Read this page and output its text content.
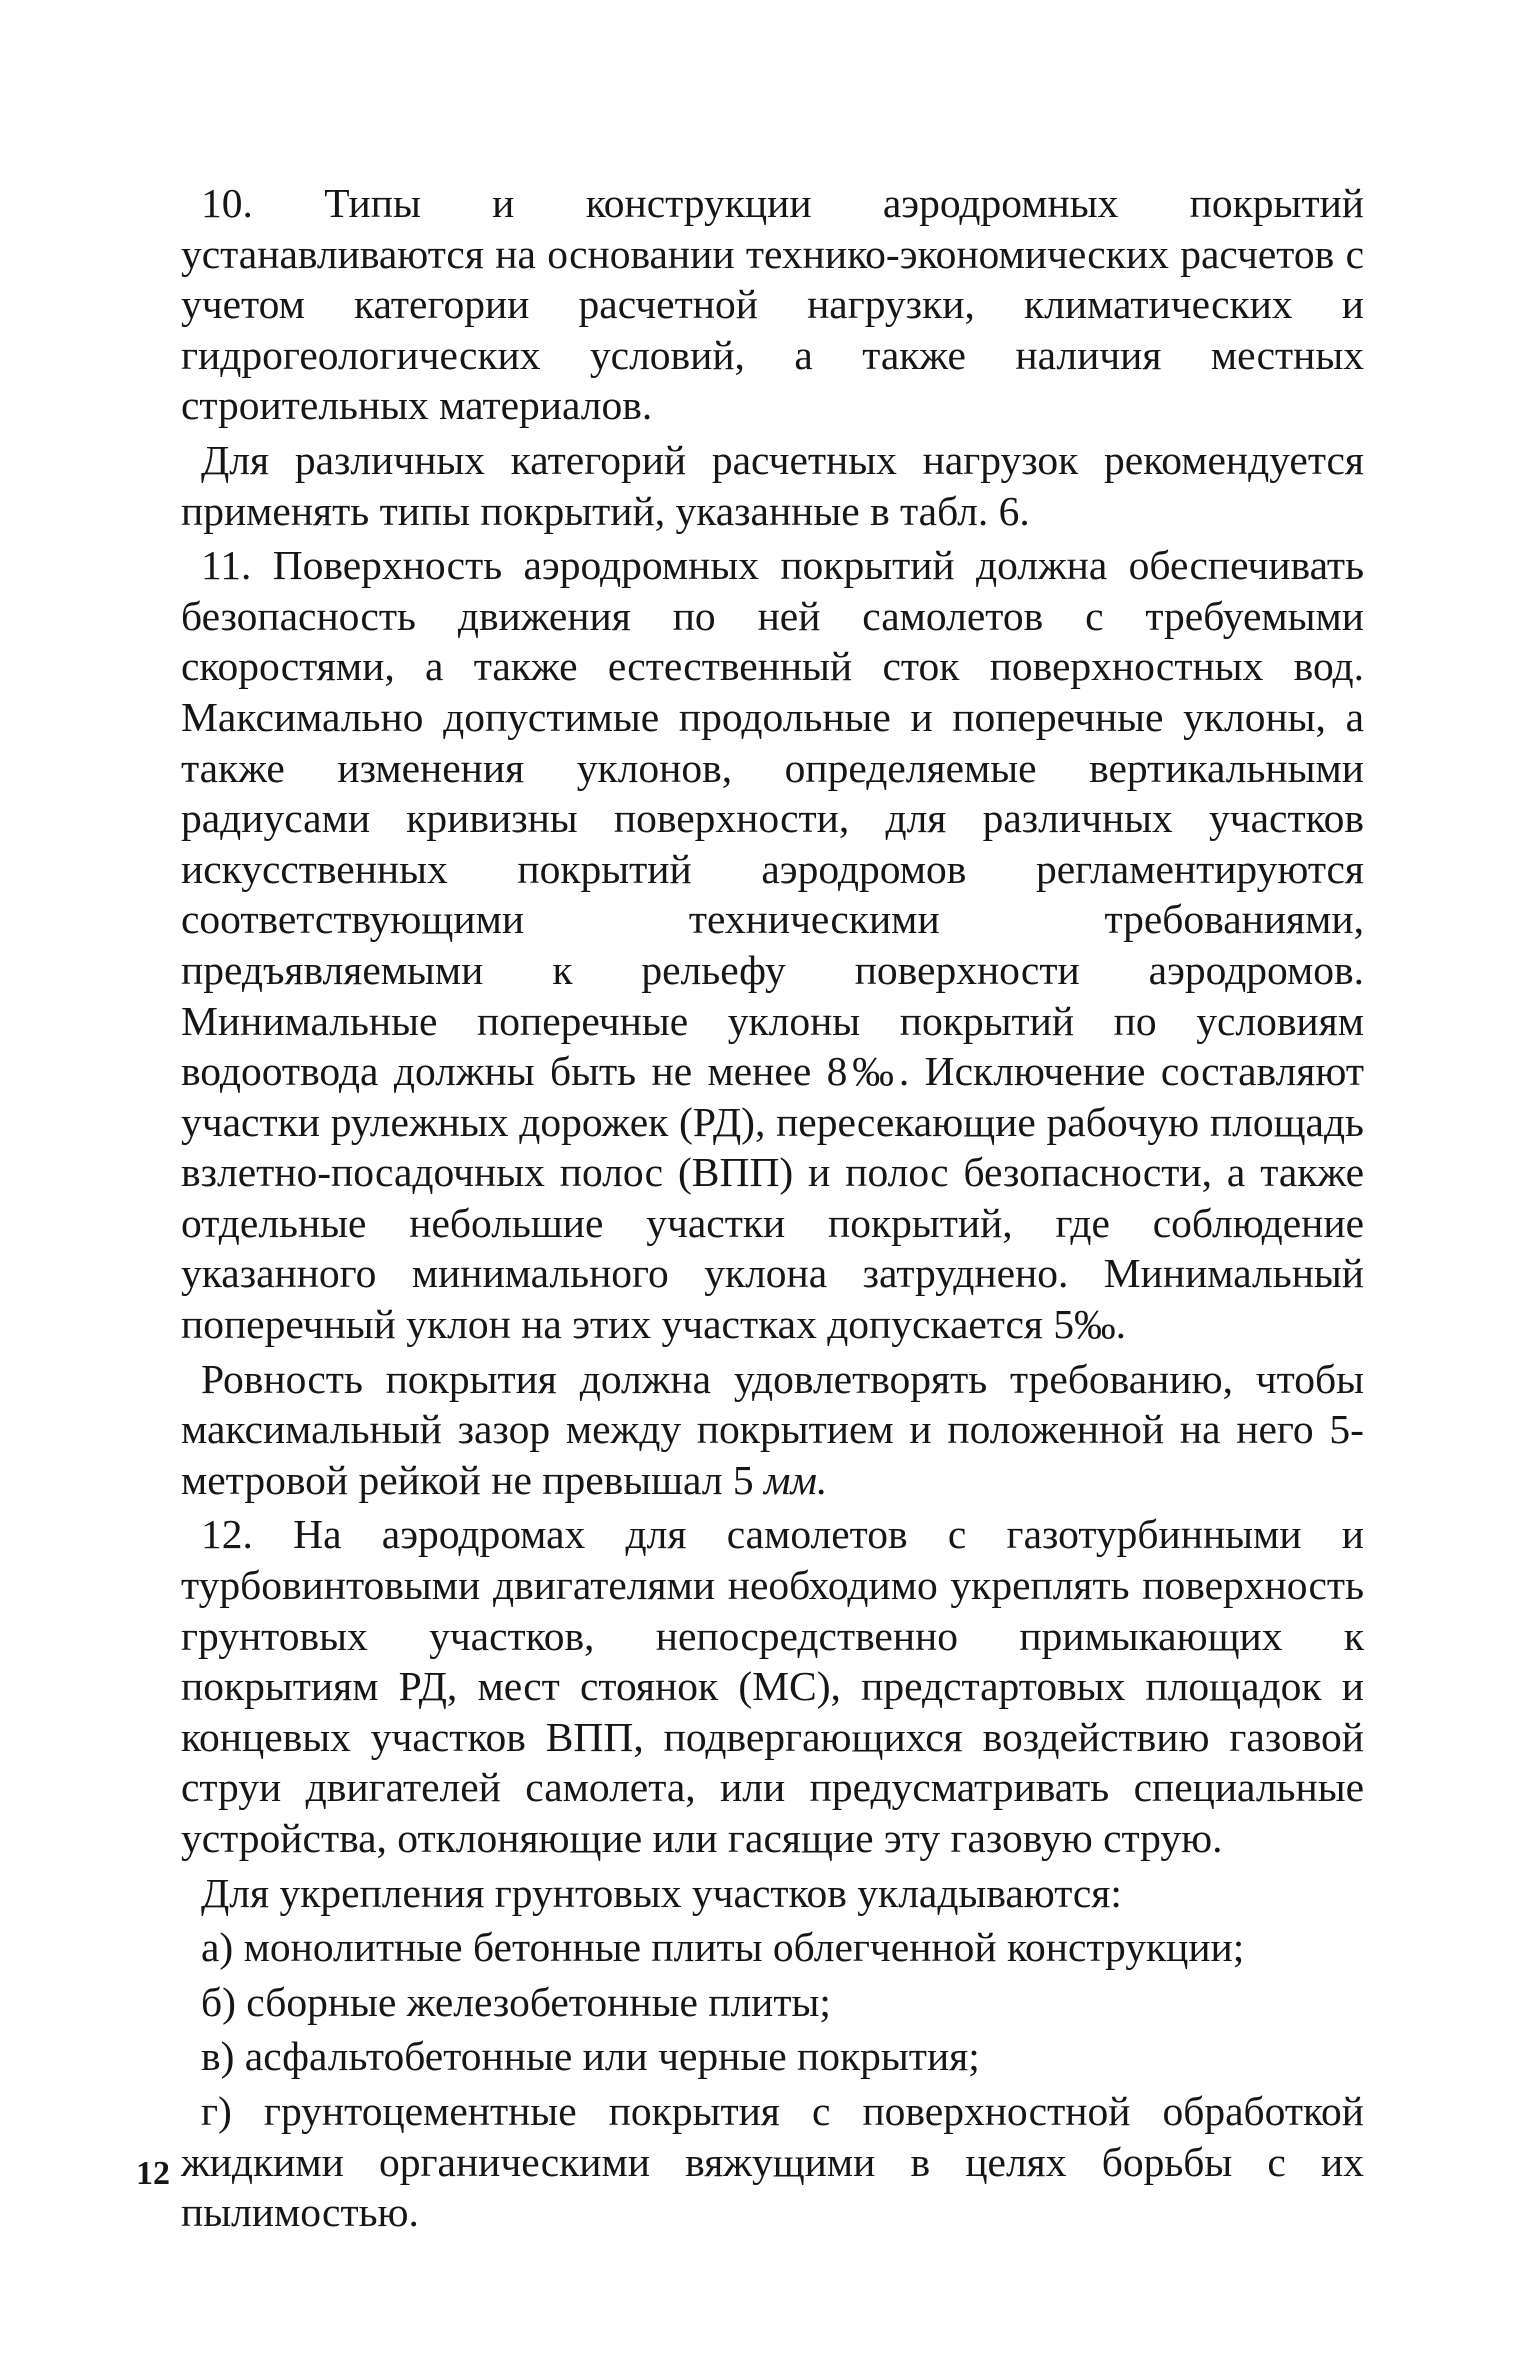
10. Типы и конструкции аэродромных покрытий устанавливаются на основании технико-экономических расчетов с учетом категории расчетной нагрузки, климатических и гидрогеологических условий, а также наличия местных строительных материалов.

Для различных категорий расчетных нагрузок рекомендуется применять типы покрытий, указанные в табл. 6.

11. Поверхность аэродромных покрытий должна обеспечивать безопасность движения по ней самолетов с требуемыми скоростями, а также естественный сток поверхностных вод. Максимально допустимые продольные и поперечные уклоны, а также изменения уклонов, определяемые вертикальными радиусами кривизны поверхности, для различных участков искусственных покрытий аэродромов регламентируются соответствующими техническими требованиями, предъявляемыми к рельефу поверхности аэродромов. Минимальные поперечные уклоны покрытий по условиям водоотвода должны быть не менее 8‰. Исключение составляют участки рулежных дорожек (РД), пересекающие рабочую площадь взлетно-посадочных полос (ВПП) и полос безопасности, а также отдельные небольшие участки покрытий, где соблюдение указанного минимального уклона затруднено. Минимальный поперечный уклон на этих участках допускается 5‰.

Ровность покрытия должна удовлетворять требованию, чтобы максимальный зазор между покрытием и положенной на него 5-метровой рейкой не превышал 5 мм.

12. На аэродромах для самолетов с газотурбинными и турбовинтовыми двигателями необходимо укреплять поверхность грунтовых участков, непосредственно примыкающих к покрытиям РД, мест стоянок (МС), предстартовых площадок и концевых участков ВПП, подвергающихся воздействию газовой струи двигателей самолета, или предусматривать специальные устройства, отклоняющие или гасящие эту газовую струю.

Для укрепления грунтовых участков укладываются:

а) монолитные бетонные плиты облегченной конструкции;

б) сборные железобетонные плиты;

в) асфальтобетонные или черные покрытия;

г) грунтоцементные покрытия с поверхностной обработкой жидкими органическими вяжущими в целях борьбы с их пылимостью.

12
